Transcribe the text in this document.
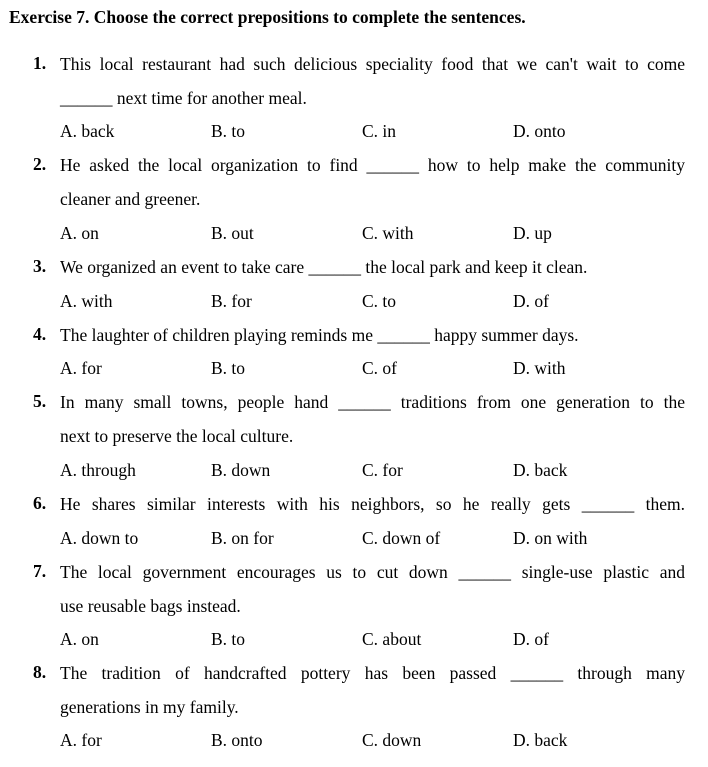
Exercise 7. Choose the correct prepositions to complete the sentences.
1. This local restaurant had such delicious speciality food that we can't wait to come
______ next time for another meal.
A. back	B. to	C. in	D. onto
2. He asked the local organization to find ______ how to help make the community
cleaner and greener.
A. on	B. out	C. with	D. up
3. We organized an event to take care ______ the local park and keep it clean.
A. with	B. for	C. to	D. of
4. The laughter of children playing reminds me ______ happy summer days.
A. for	B. to	C. of	D. with
5. In many small towns, people hand ______ traditions from one generation to the
next to preserve the local culture.
A. through	B. down	C. for	D. back
6. He shares similar interests with his neighbors, so he really gets ______ them.
A. down to	B. on for	C. down of	D. on with
7. The local government encourages us to cut down ______ single-use plastic and
use reusable bags instead.
A. on	B. to	C. about	D. of
8. The tradition of handcrafted pottery has been passed ______ through many
generations in my family.
A. for	B. onto	C. down	D. back
